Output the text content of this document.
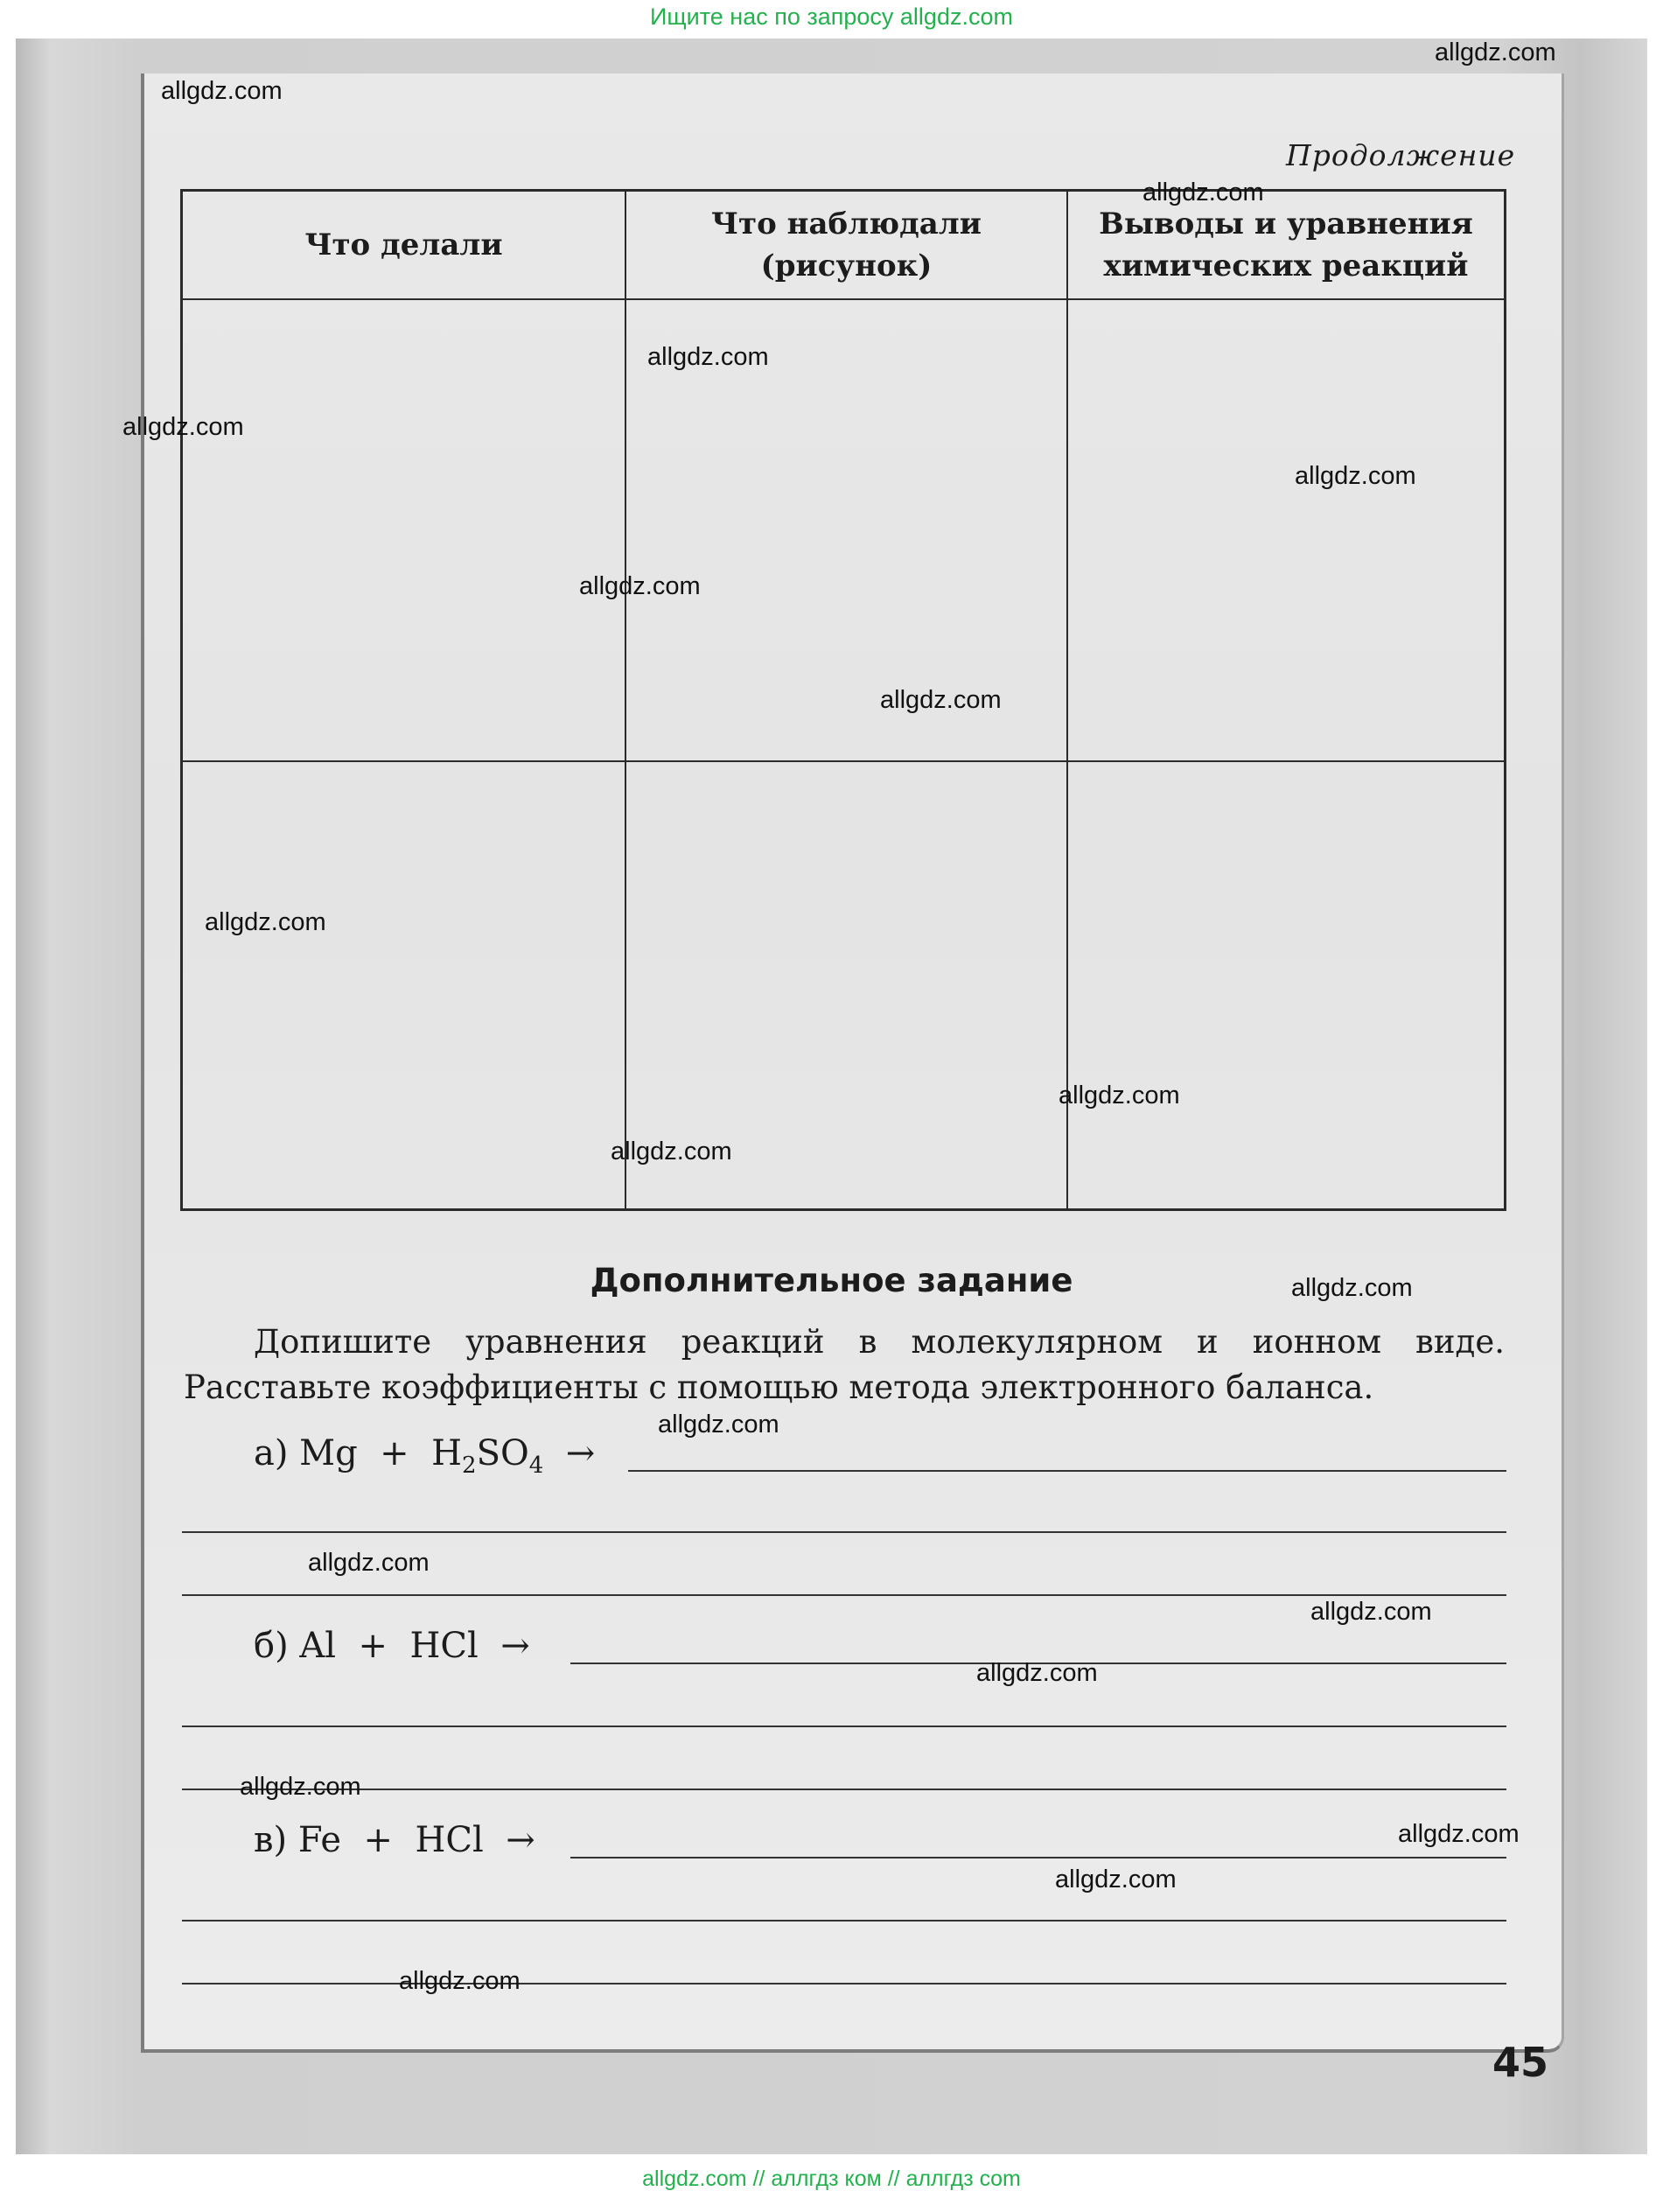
Ищите нас по запросу allgdz.com
Продолжение
Что делали
Что наблюдали
(рисунок)
Выводы и уравнения
химических реакций
Дополнительное задание
Допишите уравнения реакций в молекулярном и ионном виде. Расставьте коэффициенты с помощью метода электронного баланса.
а) $Mg + H_2SO_4$ →
б) Al + HCl →
в) Fe + HCl →
45
allgdz.com
allgdz.com
allgdz.com
allgdz.com
allgdz.com
allgdz.com
allgdz.com
allgdz.com
allgdz.com
allgdz.com
allgdz.com
allgdz.com
allgdz.com
allgdz.com
allgdz.com
allgdz.com
allgdz.com
allgdz.com
allgdz.com
allgdz.com
allgdz.com // аллгдз ком // аллгдз com
